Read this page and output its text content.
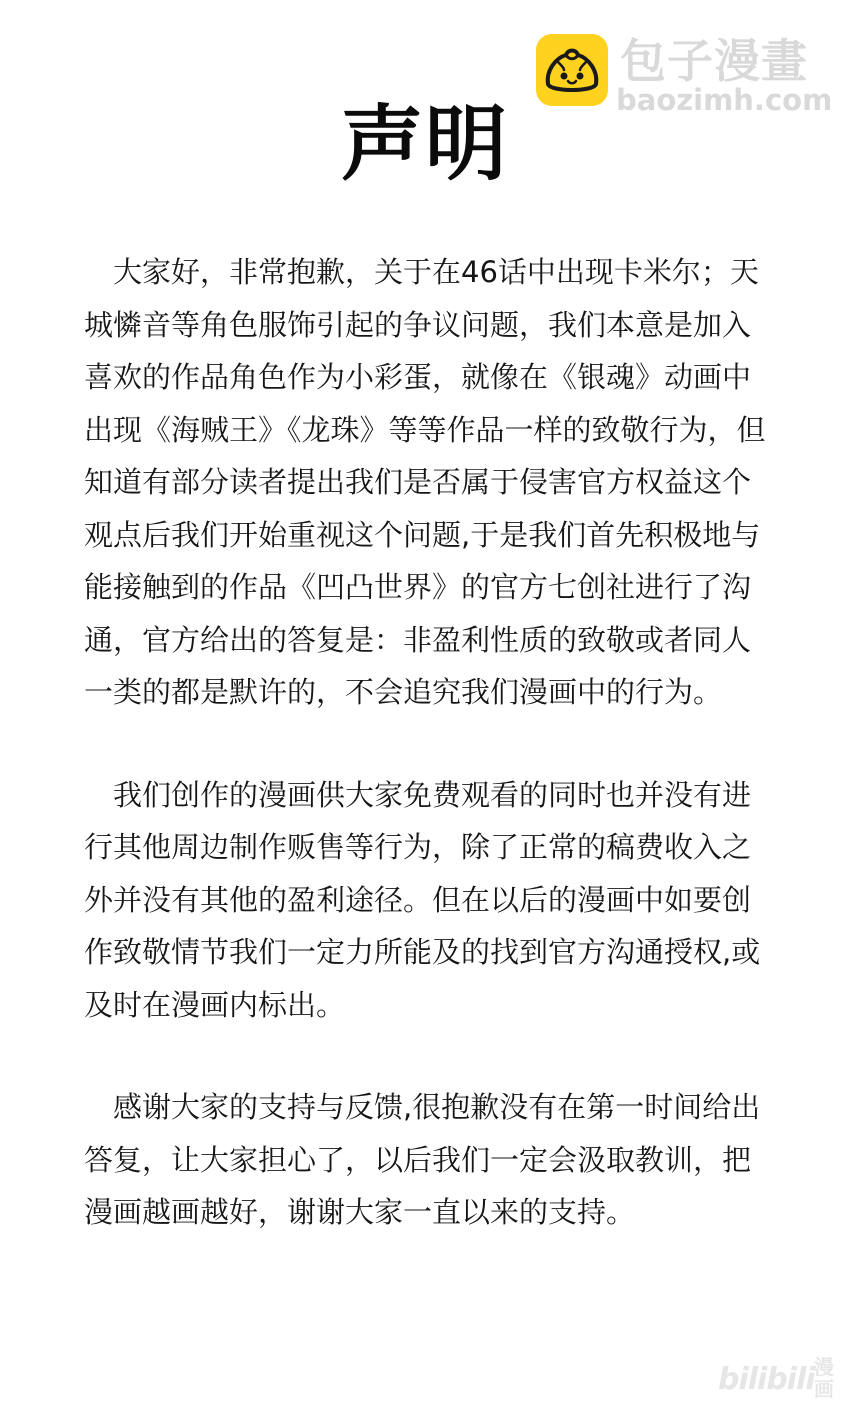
包子漫畫
baozimh.com
声明

大家好，非常抱歉，关于在46话中出现卡米尔；天城憐音等角色服饰引起的争议问题，我们本意是加入喜欢的作品角色作为小彩蛋，就像在《银魂》动画中出现《海贼王》《龙珠》等等作品一样的致敬行为，但知道有部分读者提出我们是否属于侵害官方权益这个观点后我们开始重视这个问题,于是我们首先积极地与能接触到的作品《凹凸世界》的官方七创社进行了沟通，官方给出的答复是：非盈利性质的致敬或者同人一类的都是默许的，不会追究我们漫画中的行为。

我们创作的漫画供大家免费观看的同时也并没有进行其他周边制作贩售等行为，除了正常的稿费收入之外并没有其他的盈利途径。但在以后的漫画中如要创作致敬情节我们一定力所能及的找到官方沟通授权,或及时在漫画内标出。

感谢大家的支持与反馈,很抱歉没有在第一时间给出答复，让大家担心了，以后我们一定会汲取教训，把漫画越画越好，谢谢大家一直以来的支持。

bilibili 漫画
